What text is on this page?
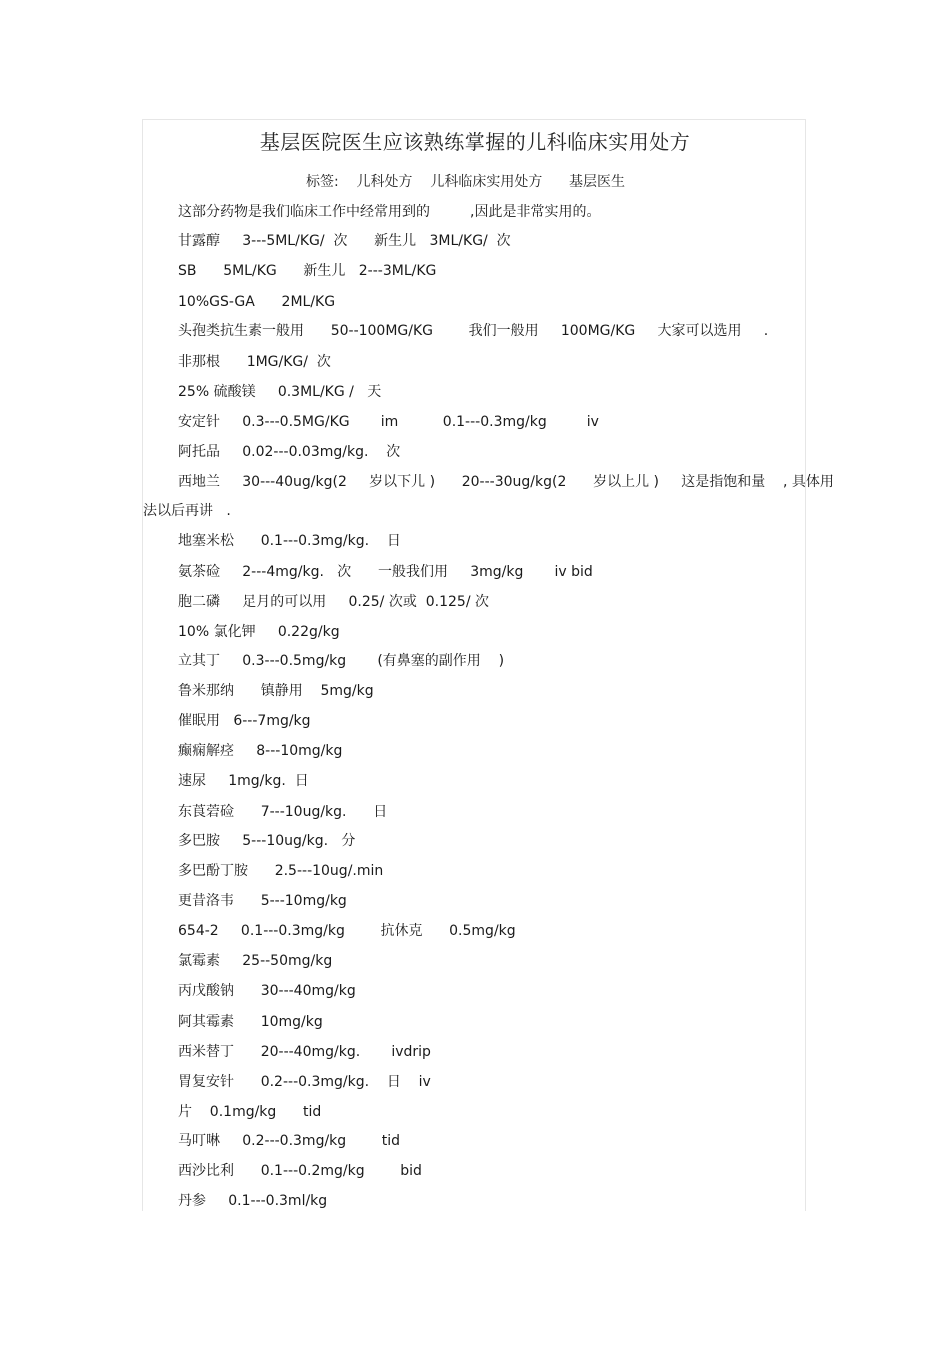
基层医院医生应该熟练掌握的儿科临床实用处方
标签:    儿科处方    儿科临床实用处方      基层医生
这部分药物是我们临床工作中经常用到的         ,因此是非常实用的。
甘露醇     3---5ML/KG/  次      新生儿   3ML/KG/  次
SB      5ML/KG      新生儿   2---3ML/KG
10%GS-GA      2ML/KG
头孢类抗生素一般用      50--100MG/KG        我们一般用     100MG/KG     大家可以选用     .
非那根      1MG/KG/  次
25% 硫酸镁     0.3ML/KG /   天
安定针     0.3---0.5MG/KG       im          0.1---0.3mg/kg         iv
阿托品     0.02---0.03mg/kg.    次
西地兰     30---40ug/kg(2     岁以下儿 )      20---30ug/kg(2      岁以上儿 )     这是指饱和量    , 具体用
法以后再讲   .
地塞米松      0.1---0.3mg/kg.    日
氨茶硷     2---4mg/kg.   次      一般我们用     3mg/kg       iv bid
胞二磷     足月的可以用     0.25/ 次或  0.125/ 次
10% 氯化钾     0.22g/kg
立其丁     0.3---0.5mg/kg       (有鼻塞的副作用    )
鲁米那纳      镇静用    5mg/kg
催眠用   6---7mg/kg
癫痫解痉     8---10mg/kg
速尿     1mg/kg.  日
东莨菪硷      7---10ug/kg.      日
多巴胺     5---10ug/kg.   分
多巴酚丁胺      2.5---10ug/.min
更昔洛韦      5---10mg/kg
654-2     0.1---0.3mg/kg        抗休克      0.5mg/kg
氯霉素     25--50mg/kg
丙戊酸钠      30---40mg/kg
阿其霉素      10mg/kg
西米替丁      20---40mg/kg.       ivdrip
胃复安针      0.2---0.3mg/kg.    日    iv
片    0.1mg/kg      tid
马叮啉     0.2---0.3mg/kg        tid
西沙比利      0.1---0.2mg/kg        bid
丹参     0.1---0.3ml/kg
